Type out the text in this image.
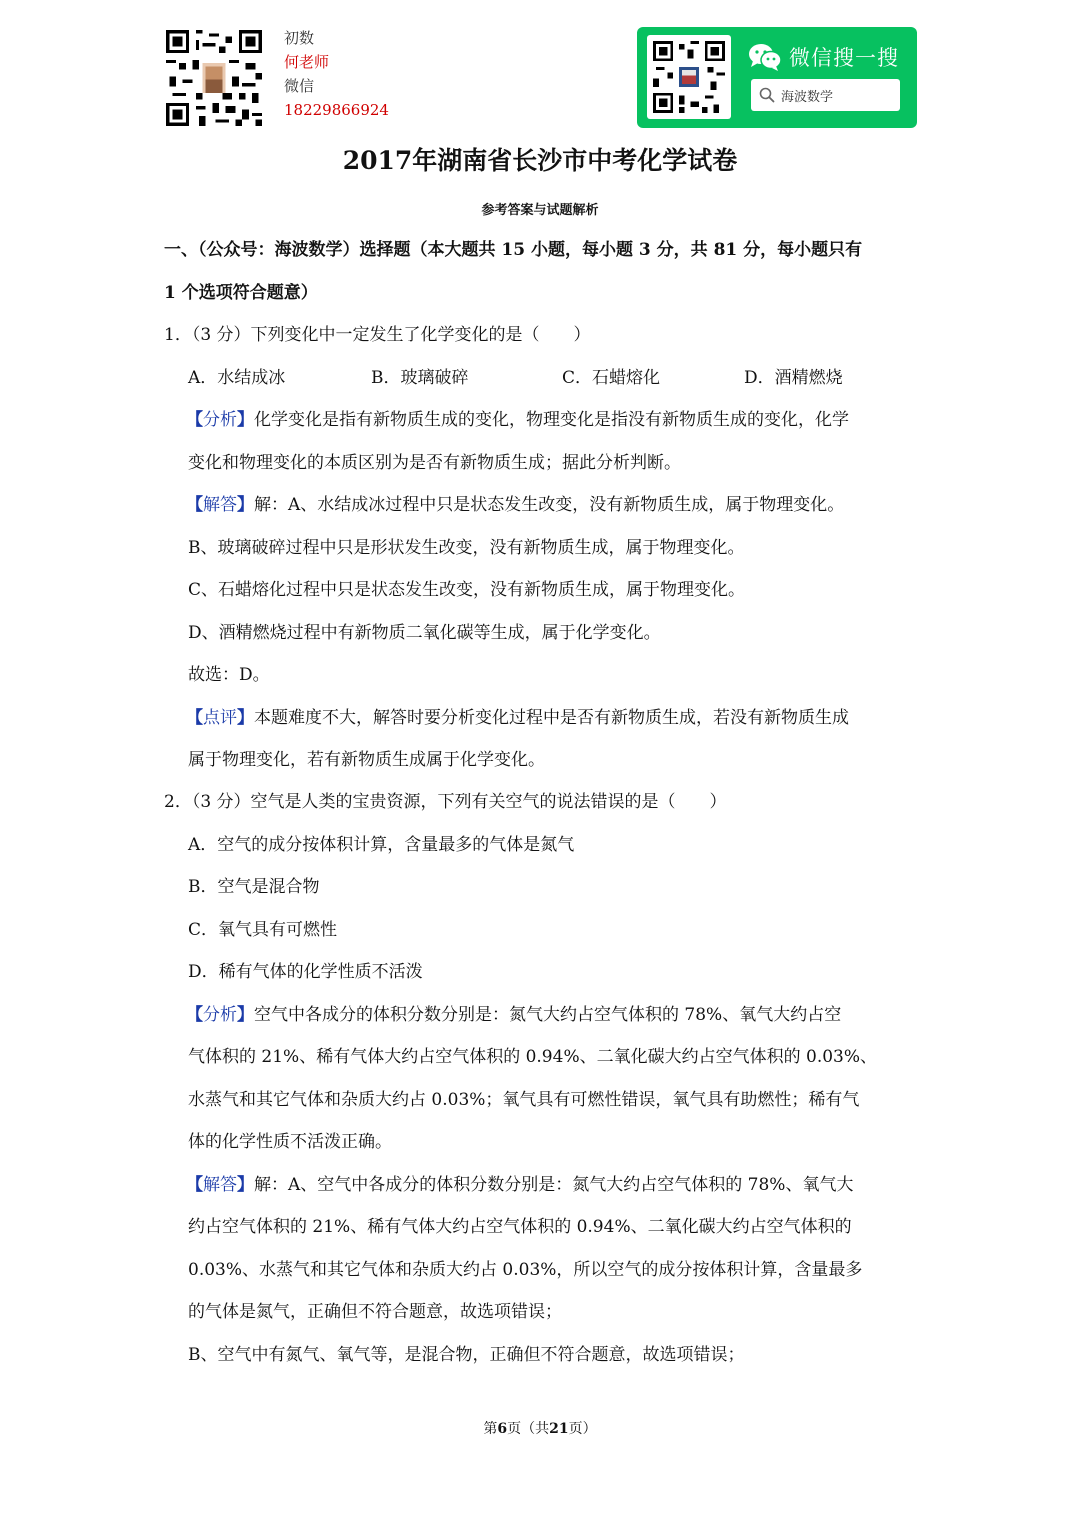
初数
何老师
微信
18229866924
微信搜一搜
海波数学
2017年湖南省长沙市中考化学试卷
参考答案与试题解析
一、（公众号：海波数学）选择题（本大题共 15 小题，每小题 3 分，共 81 分，每小题只有
1 个选项符合题意）
1．（3 分）下列变化中一定发生了化学变化的是（　　）
A．水结成冰	B．玻璃破碎	C．石蜡熔化	D．酒精燃烧
【分析】化学变化是指有新物质生成的变化，物理变化是指没有新物质生成的变化，化学
变化和物理变化的本质区别为是否有新物质生成；据此分析判断。
【解答】解：A、水结成冰过程中只是状态发生改变，没有新物质生成，属于物理变化。
B、玻璃破碎过程中只是形状发生改变，没有新物质生成，属于物理变化。
C、石蜡熔化过程中只是状态发生改变，没有新物质生成，属于物理变化。
D、酒精燃烧过程中有新物质二氧化碳等生成，属于化学变化。
故选：D。
【点评】本题难度不大，解答时要分析变化过程中是否有新物质生成，若没有新物质生成
属于物理变化，若有新物质生成属于化学变化。
2．（3 分）空气是人类的宝贵资源，下列有关空气的说法错误的是（　　）
A．空气的成分按体积计算，含量最多的气体是氮气
B．空气是混合物
C．氧气具有可燃性
D．稀有气体的化学性质不活泼
【分析】空气中各成分的体积分数分别是：氮气大约占空气体积的 78%、氧气大约占空
气体积的 21%、稀有气体大约占空气体积的 0.94%、二氧化碳大约占空气体积的 0.03%、
水蒸气和其它气体和杂质大约占 0.03%；氧气具有可燃性错误，氧气具有助燃性；稀有气
体的化学性质不活泼正确。
【解答】解：A、空气中各成分的体积分数分别是：氮气大约占空气体积的 78%、氧气大
约占空气体积的 21%、稀有气体大约占空气体积的 0.94%、二氧化碳大约占空气体积的
0.03%、水蒸气和其它气体和杂质大约占 0.03%，所以空气的成分按体积计算，含量最多
的气体是氮气，正确但不符合题意，故选项错误；
B、空气中有氮气、氧气等，是混合物，正确但不符合题意，故选项错误；
第6页（共21页）
